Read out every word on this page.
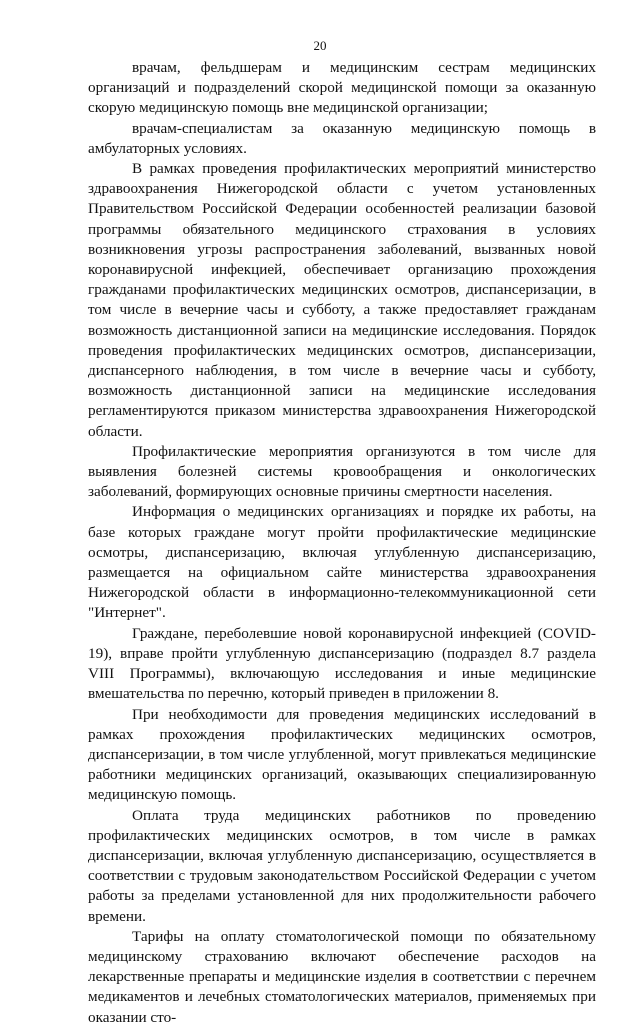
20

врачам, фельдшерам и медицинским сестрам медицинских организаций и подразделений скорой медицинской помощи за оказанную скорую медицинскую помощь вне медицинской организации;

врачам-специалистам за оказанную медицинскую помощь в амбулаторных условиях.

В рамках проведения профилактических мероприятий министерство здравоохранения Нижегородской области с учетом установленных Правительством Российской Федерации особенностей реализации базовой программы обязательного медицинского страхования в условиях возникновения угрозы распространения заболеваний, вызванных новой коронавирусной инфекцией, обеспечивает организацию прохождения гражданами профилактических медицинских осмотров, диспансеризации, в том числе в вечерние часы и субботу, а также предоставляет гражданам возможность дистанционной записи на медицинские исследования. Порядок проведения профилактических медицинских осмотров, диспансеризации, диспансерного наблюдения, в том числе в вечерние часы и субботу, возможность дистанционной записи на медицинские исследования регламентируются приказом министерства здравоохранения Нижегородской области.

Профилактические мероприятия организуются в том числе для выявления болезней системы кровообращения и онкологических заболеваний, формирующих основные причины смертности населения.

Информация о медицинских организациях и порядке их работы, на базе которых граждане могут пройти профилактические медицинские осмотры, диспансеризацию, включая углубленную диспансеризацию, размещается на официальном сайте министерства здравоохранения Нижегородской области в информационно-телекоммуникационной сети "Интернет".

Граждане, переболевшие новой коронавирусной инфекцией (COVID-19), вправе пройти углубленную диспансеризацию (подраздел 8.7 раздела VIII Программы), включающую исследования и иные медицинские вмешательства по перечню, который приведен в приложении 8.

При необходимости для проведения медицинских исследований в рамках прохождения профилактических медицинских осмотров, диспансеризации, в том числе углубленной, могут привлекаться медицинские работники медицинских организаций, оказывающих специализированную медицинскую помощь.

Оплата труда медицинских работников по проведению профилактических медицинских осмотров, в том числе в рамках диспансеризации, включая углубленную диспансеризацию, осуществляется в соответствии с трудовым законодательством Российской Федерации с учетом работы за пределами установленной для них продолжительности рабочего времени.

Тарифы на оплату стоматологической помощи по обязательному медицинскому страхованию включают обеспечение расходов на лекарственные препараты и медицинские изделия в соответствии с перечнем медикаментов и лечебных стоматологических материалов, применяемых при оказании сто-
